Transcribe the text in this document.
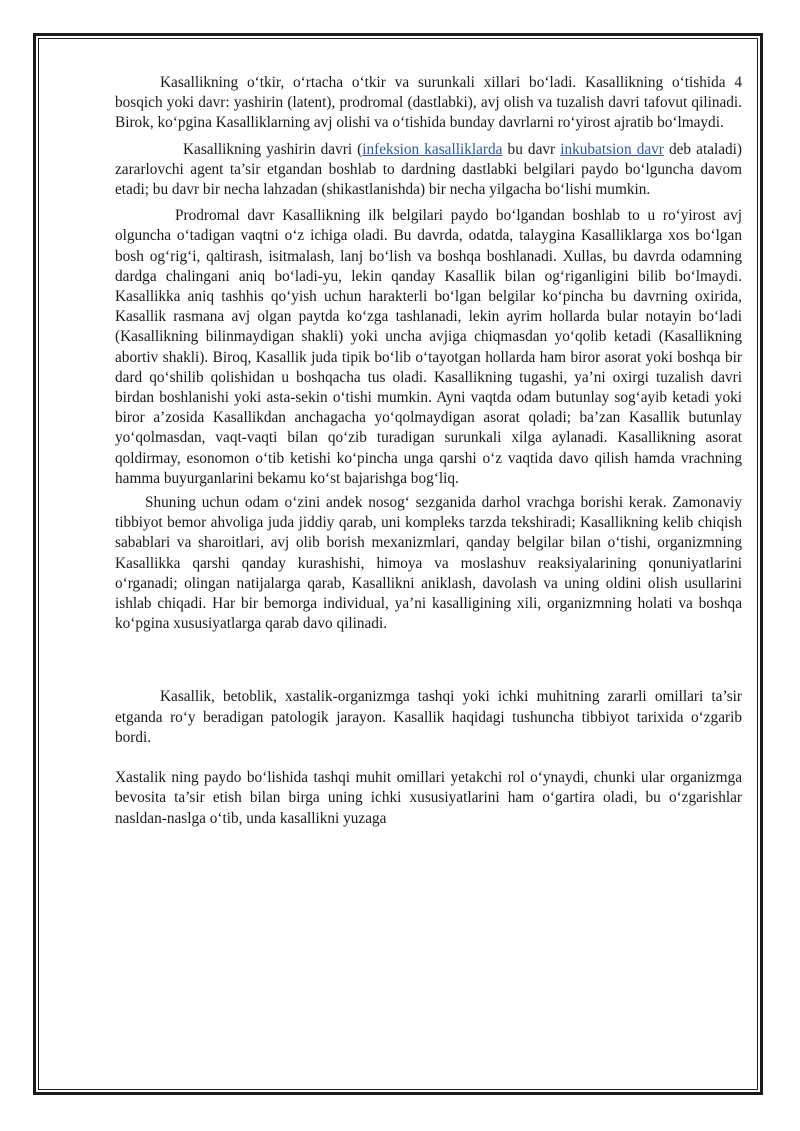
Kasallikning o‘tkir, o‘rtacha o‘tkir va surunkali xillari bo‘ladi. Kasallikning o‘tishida 4 bosqich yoki davr: yashirin (latent), prodromal (dastlabki), avj olish va tuzalish davri tafovut qilinadi. Birok, ko‘pgina Kasalliklarning avj olishi va o‘tishida bunday davrlarni ro‘yirost ajratib bo‘lmaydi.

Kasallikning yashirin davri (infeksion kasalliklarda bu davr inkubatsion davr deb ataladi) zararlovchi agent ta’sir etgandan boshlab to dardning dastlabki belgilari paydo bo‘lguncha davom etadi; bu davr bir necha lahzadan (shikastlanishda) bir necha yilgacha bo‘lishi mumkin.

Prodromal davr Kasallikning ilk belgilari paydo bo‘lgandan boshlab to u ro‘yirost avj olguncha o‘tadigan vaqtni o‘z ichiga oladi. Bu davrda, odatda, talaygina Kasalliklarga xos bo‘lgan bosh og‘rig‘i, qaltirash, isitmalash, lanj bo‘lish va boshqa boshlanadi. Xullas, bu davrda odamning dardga chalingani aniq bo‘ladi-yu, lekin qanday Kasallik bilan og‘riganligini bilib bo‘lmaydi. Kasallikka aniq tashhis qo‘yish uchun harakterli bo‘lgan belgilar ko‘pincha bu davrning oxirida, Kasallik rasmana avj olgan paytda ko‘zga tashlanadi, lekin ayrim hollarda bular notayin bo‘ladi (Kasallikning bilinmaydigan shakli) yoki uncha avjiga chiqmasdan yo‘qolib ketadi (Kasallikning abortiv shakli). Biroq, Kasallik juda tipik bo‘lib o‘tayotgan hollarda ham biror asorat yoki boshqa bir dard qo‘shilib qolishidan u boshqacha tus oladi. Kasallikning tugashi, ya’ni oxirgi tuzalish davri birdan boshlanishi yoki asta-sekin o‘tishi mumkin. Ayni vaqtda odam butunlay sog‘ayib ketadi yoki biror a’zosida Kasallikdan anchagacha yo‘qolmaydigan asorat qoladi; ba’zan Kasallik butunlay yo‘qolmasdan, vaqt-vaqti bilan qo‘zib turadigan surunkali xilga aylanadi. Kasallikning asorat qoldirmay, esonomon o‘tib ketishi ko‘pincha unga qarshi o‘z vaqtida davo qilish hamda vrachning hamma buyurganlarini bekamu ko‘st bajarishga bog‘liq.

Shuning uchun odam o‘zini andek nosog‘ sezganida darhol vrachga borishi kerak. Zamonaviy tibbiyot bemor ahvoliga juda jiddiy qarab, uni kompleks tarzda tekshiradi; Kasallikning kelib chiqish sabablari va sharoitlari, avj olib borish mexanizmlari, qanday belgilar bilan o‘tishi, organizmning Kasallikka qarshi qanday kurashishi, himoya va moslashuv reaksiyalarining qonuniyatlarini o‘rganadi; olingan natijalarga qarab, Kasallikni aniklash, davolash va uning oldini olish usullarini ishlab chiqadi. Har bir bemorga individual, ya’ni kasalligining xili, organizmning holati va boshqa ko‘pgina xususiyatlarga qarab davo qilinadi.

Kasallik, betoblik, xastalik-organizmga tashqi yoki ichki muhitning zararli omillari ta’sir etganda ro‘y beradigan patologik jarayon. Kasallik haqidagi tushuncha tibbiyot tarixida o‘zgarib bordi.

Xastalik ning paydo bo‘lishida tashqi muhit omillari yetakchi rol o‘ynaydi, chunki ular organizmga bevosita ta’sir etish bilan birga uning ichki xususiyatlarini ham o‘gartira oladi, bu o‘zgarishlar nasldan-naslga o‘tib, unda kasallikni yuzaga
